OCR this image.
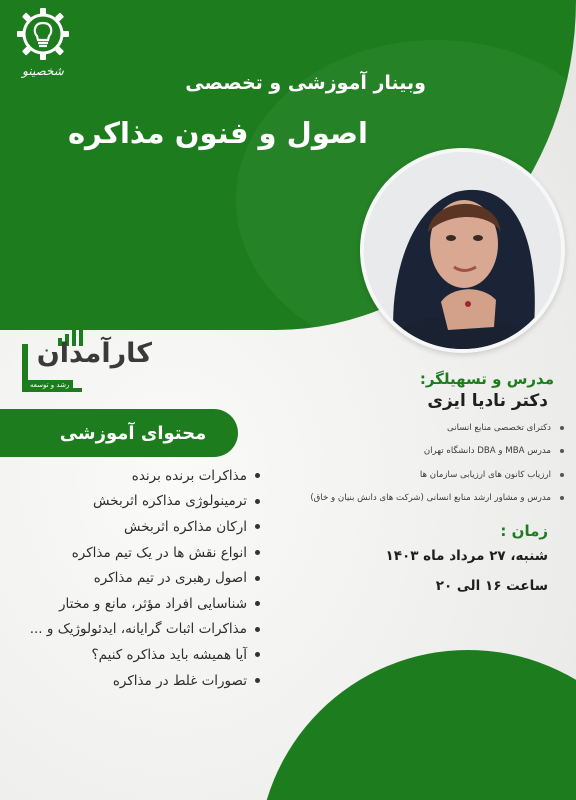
وبینار آموزشی و تخصصی
اصول و فنون مذاکره
شخصینو
کارآمدان
رشد و توسعه
محتوای آموزشی
مذاکرات برنده برنده
ترمینولوژی مذاکره اثربخش
ارکان مذاکره اثربخش
انواع نقش ها در یک تیم مذاکره
اصول رهبری در تیم مذاکره
شناسایی افراد مؤثر، مانع و مختار
مذاکرات اثبات گرایانه، ایدئولوژیک و ...
آیا همیشه باید مذاکره کنیم؟
تصورات غلط در مذاکره
مدرس و تسهیلگر:
دکتر نادیا ایزی
دکترای تخصصی منابع انسانی
مدرس MBA و DBA دانشگاه تهران
ارزیاب کانون های ارزیابی سازمان ها
مدرس و مشاور ارشد منابع انسانی (شرکت های دانش بنیان و خاق)
زمان :
شنبه، ۲۷ مرداد ماه ۱۴۰۳
ساعت ۱۶ الی ۲۰
